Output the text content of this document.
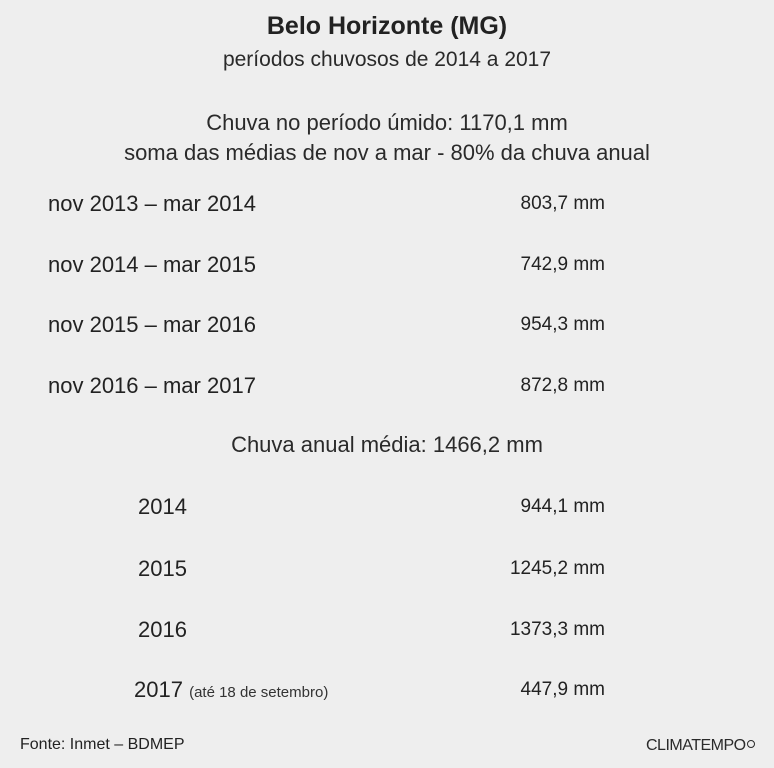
Belo Horizonte (MG)
períodos chuvosos de 2014 a 2017
Chuva no período úmido: 1170,1 mm
soma das médias de nov a mar - 80% da chuva anual
nov 2013 – mar 2014	803,7 mm
nov 2014 – mar 2015	742,9 mm
nov 2015 – mar 2016	954,3 mm
nov 2016 – mar 2017	872,8 mm
Chuva anual média: 1466,2 mm
2014	944,1 mm
2015	1245,2 mm
2016	1373,3 mm
2017 (até 18 de setembro)	447,9 mm
Fonte: Inmet – BDMEP	CLIMATEMPO
